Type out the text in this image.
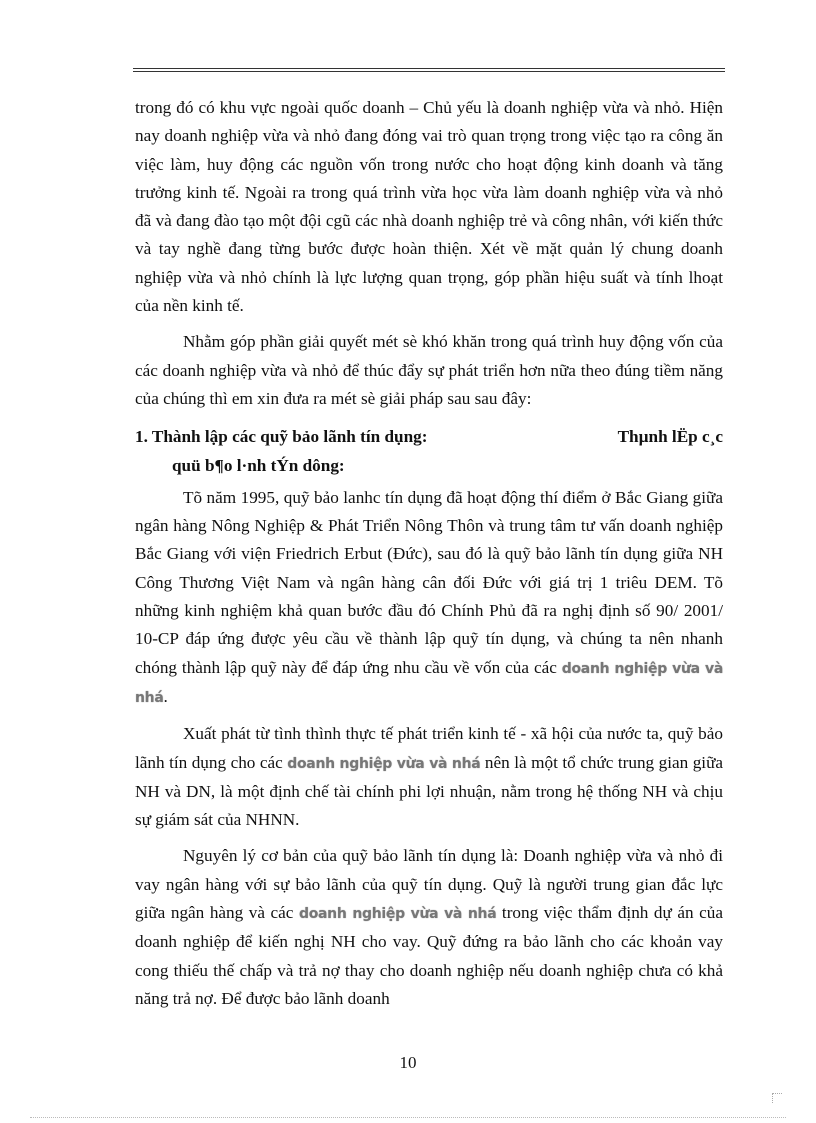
trong đó có khu vực ngoài quốc doanh – Chủ yếu là doanh nghiệp vừa và nhỏ. Hiện nay doanh nghiệp vừa và nhỏ đang đóng vai trò quan trọng trong việc tạo ra công ăn việc làm, huy động các nguồn vốn trong nước cho hoạt động kinh doanh và tăng trưởng kinh tế. Ngoài ra trong quá trình vừa học vừa làm doanh nghiệp vừa và nhỏ đã và đang đào tạo một đội cgũ các nhà doanh nghiệp trẻ và công nhân, với kiến thức và tay nghề đang từng bước được hoàn thiện. Xét về mặt quản lý chung doanh nghiệp vừa và nhỏ chính là lực lượng quan trọng, góp phần hiệu suất và tính lhoạt của nền kinh tế.

Nhằm góp phần giải quyết mét sè khó khăn trong quá trình huy động vốn của các doanh nghiệp vừa và nhỏ để thúc đẩy sự phát triển hơn nữa theo đúng tiềm năng của chúng thì em xin đưa ra mét sè giải pháp sau sau đây:

1. Thành lập các quỹ bảo lãnh tín dụng:	Thµnh lËp c¸c
quü b¶o l·nh tÝn dông:

Tõ năm 1995, quỹ bảo lanhc tín dụng đã hoạt động thí điểm ở Bắc Giang giữa ngân hàng Nông Nghiệp & Phát Triển Nông Thôn và trung tâm tư vấn doanh nghiệp Bắc Giang với viện Friedrich Erbut (Đức), sau đó là quỹ bảo lãnh tín dụng giữa NH Công Thương Việt Nam và ngân hàng cân đối Đức với giá trị 1 triêu DEM. Tõ những kinh nghiệm khả quan bước đầu đó Chính Phủ đã ra nghị định số 90/ 2001/ 10-CP đáp ứng được yêu cầu về thành lập quỹ tín dụng, và chúng ta nên nhanh chóng thành lập quỹ này để đáp ứng nhu cầu về vốn của các doanh nghiệp vừa và nhá.

Xuất phát từ tình thình thực tế phát triển kinh tế - xã hội của nước ta, quỹ bảo lãnh tín dụng cho các doanh nghiệp vừa và nhá nên là một tổ chức trung gian giữa NH và DN, là một định chế tài chính phi lợi nhuận, nằm trong hệ thống NH và chịu sự giám sát của NHNN.

Nguyên lý cơ bản của quỹ bảo lãnh tín dụng là: Doanh nghiệp vừa và nhỏ đi vay ngân hàng với sự bảo lãnh của quỹ tín dụng. Quỹ là người trung gian đắc lực giữa ngân hàng và các doanh nghiệp vừa và nhá trong việc thẩm định dự án của doanh nghiệp để kiến nghị NH cho vay. Quỹ đứng ra bảo lãnh cho các khoản vay cong thiếu thế chấp và trả nợ thay cho doanh nghiệp nếu doanh nghiệp chưa có khả năng trả nợ. Để được bảo lãnh doanh

10
